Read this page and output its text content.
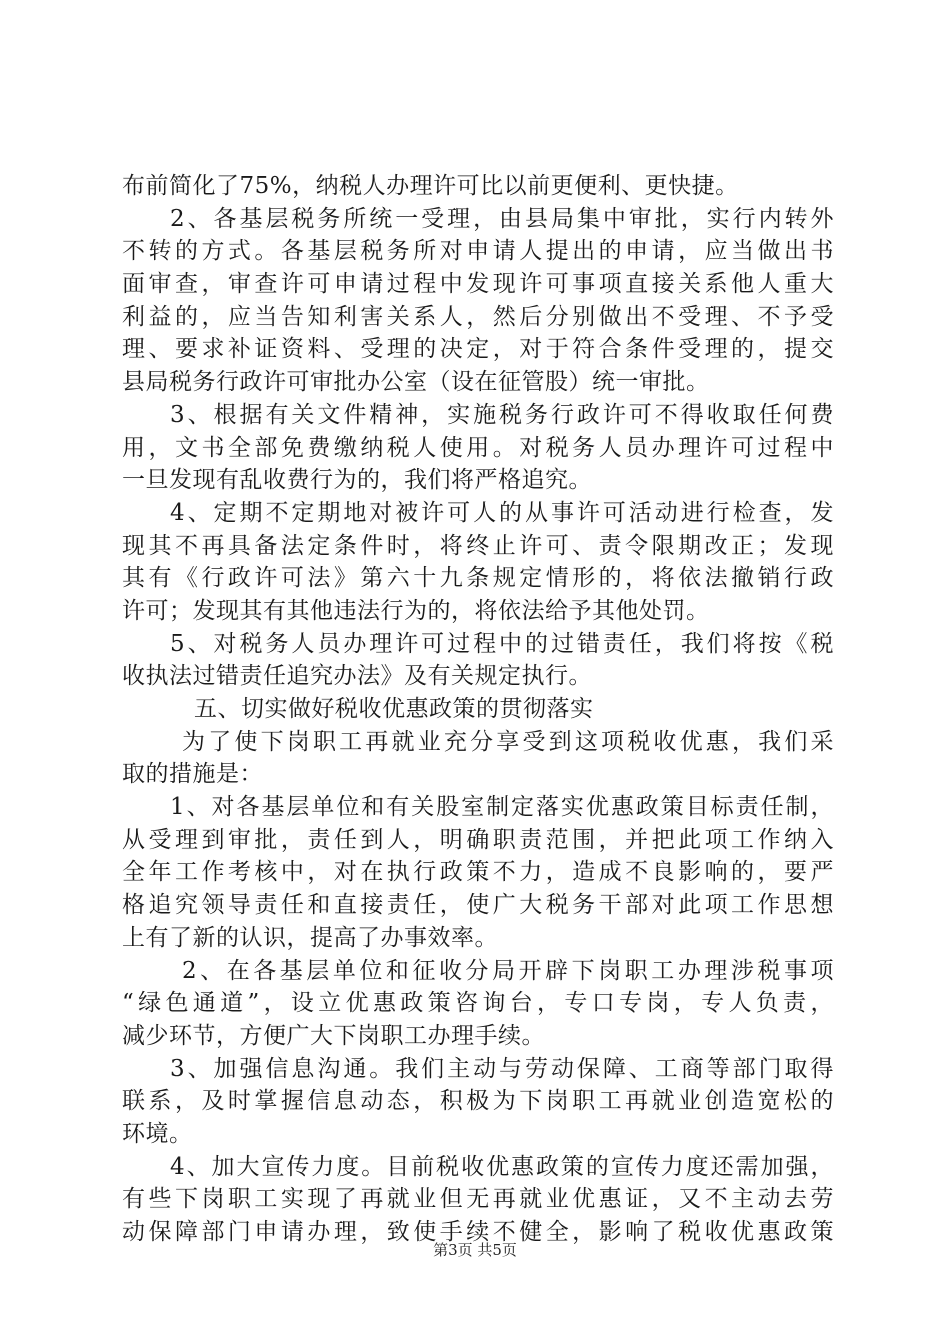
布前简化了75%，纳税人办理许可比以前更便利、更快捷。
2、各基层税务所统一受理，由县局集中审批，实行内转外
不转的方式。各基层税务所对申请人提出的申请，应当做出书
面审查，审查许可申请过程中发现许可事项直接关系他人重大
利益的，应当告知利害关系人，然后分别做出不受理、不予受
理、要求补证资料、受理的决定，对于符合条件受理的，提交
县局税务行政许可审批办公室（设在征管股）统一审批。
3、根据有关文件精神，实施税务行政许可不得收取任何费
用，文书全部免费缴纳税人使用。对税务人员办理许可过程中
一旦发现有乱收费行为的，我们将严格追究。
4、定期不定期地对被许可人的从事许可活动进行检查，发
现其不再具备法定条件时，将终止许可、责令限期改正；发现
其有《行政许可法》第六十九条规定情形的，将依法撤销行政
许可；发现其有其他违法行为的，将依法给予其他处罚。
5、对税务人员办理许可过程中的过错责任，我们将按《税
收执法过错责任追究办法》及有关规定执行。
五、切实做好税收优惠政策的贯彻落实
为了使下岗职工再就业充分享受到这项税收优惠，我们采
取的措施是：
1、对各基层单位和有关股室制定落实优惠政策目标责任制，
从受理到审批，责任到人，明确职责范围，并把此项工作纳入
全年工作考核中，对在执行政策不力，造成不良影响的，要严
格追究领导责任和直接责任，使广大税务干部对此项工作思想
上有了新的认识，提高了办事效率。
2、在各基层单位和征收分局开辟下岗职工办理涉税事项
“绿色通道”，设立优惠政策咨询台，专口专岗，专人负责，
减少环节，方便广大下岗职工办理手续。
3、加强信息沟通。我们主动与劳动保障、工商等部门取得
联系，及时掌握信息动态，积极为下岗职工再就业创造宽松的
环境。
4、加大宣传力度。目前税收优惠政策的宣传力度还需加强，
有些下岗职工实现了再就业但无再就业优惠证，又不主动去劳
动保障部门申请办理，致使手续不健全，影响了税收优惠政策
第3页 共5页
